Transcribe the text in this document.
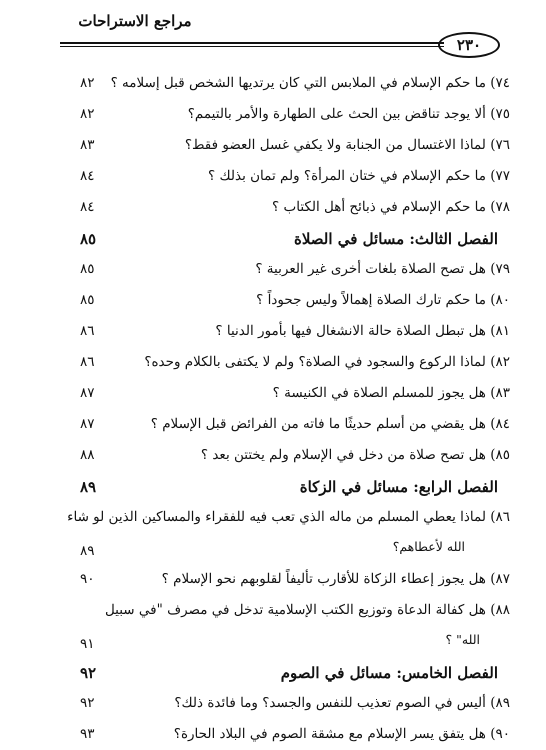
مراجع الاستراحات
٢٣٠
٧٤) ما حكم الإسلام في الملابس التي كان يرتديها الشخص قبل إسلامه ؟
٨٢
٧٥) ألا يوجد تناقض بين الحث على الطهارة والأمر بالتيمم؟
٨٢
٧٦) لماذا الاغتسال من الجنابة ولا يكفي غسل العضو فقط؟
٨٣
٧٧) ما حكم الإسلام في ختان المرأة؟ ولم تمان بذلك ؟
٨٤
٧٨) ما حكم الإسلام في ذبائح أهل الكتاب ؟
٨٤
الفصل الثالث: مسائل في الصلاة
٨٥
٧٩) هل تصح الصلاة بلغات أخرى غير العربية ؟
٨٥
٨٠) ما حكم تارك الصلاة إهمالاً وليس جحوداً ؟
٨٥
٨١) هل تبطل الصلاة حالة الانشغال فيها بأمور الدنيا ؟
٨٦
٨٢) لماذا الركوع والسجود في الصلاة؟ ولم لا يكتفى بالكلام وحده؟
٨٦
٨٣) هل يجوز للمسلم الصلاة في الكنيسة ؟
٨٧
٨٤) هل يقضي من أسلم حديثًا ما فاته من الفرائض قبل الإسلام ؟
٨٧
٨٥) هل تصح صلاة من دخل في الإسلام ولم يختتن بعد ؟
٨٨
الفصل الرابع: مسائل في الزكاة
٨٩
٨٦) لماذا يعطي المسلم من ماله الذي تعب فيه للفقراء والمساكين الذين لو شاء
الله لأعطاهم؟
٨٩
٨٧) هل يجوز إعطاء الزكاة للأقارب تأليفاً لقلوبهم نحو الإسلام ؟
٩٠
٨٨) هل كفالة الدعاة وتوزيع الكتب الإسلامية تدخل في مصرف "في سبيل
الله" ؟
٩١
الفصل الخامس: مسائل في الصوم
٩٢
٨٩) أليس في الصوم تعذيب للنفس والجسد؟ وما فائدة ذلك؟
٩٢
٩٠) هل يتفق يسر الإسلام مع مشقة الصوم في البلاد الحارة؟
٩٣
